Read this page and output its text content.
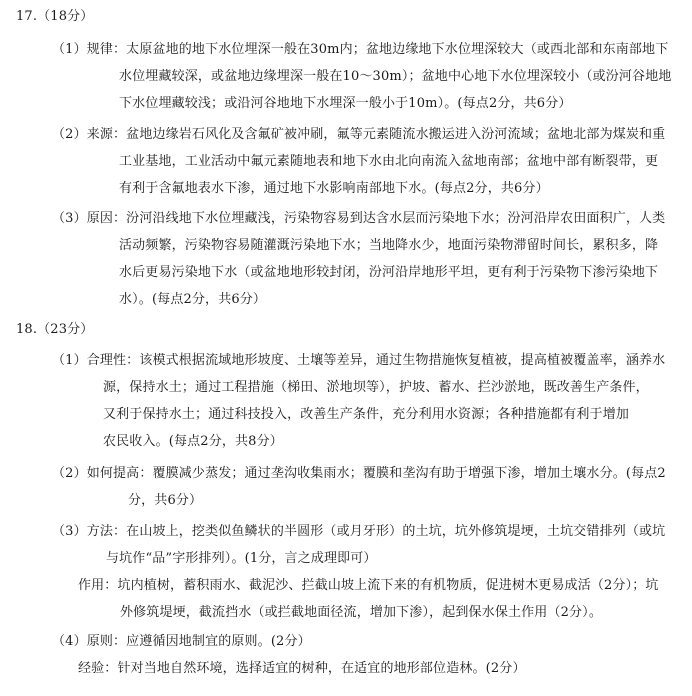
17.（18分）
（1）规律：太原盆地的地下水位埋深一般在30m内；盆地边缘地下水位埋深较大（或西北部和东南部地下
水位埋藏较深，或盆地边缘埋深一般在10～30m）；盆地中心地下水位埋深较小（或汾河谷地地
下水位埋藏较浅；或沿河谷地地下水埋深一般小于10m）。(每点2分，共6分）
（2）来源：盆地边缘岩石风化及含氟矿被冲刷，氟等元素随流水搬运进入汾河流域；盆地北部为煤炭和重
工业基地，工业活动中氟元素随地表和地下水由北向南流入盆地南部；盆地中部有断裂带，更
有利于含氟地表水下渗，通过地下水影响南部地下水。(每点2分，共6分）
（3）原因：汾河沿线地下水位埋藏浅，污染物容易到达含水层而污染地下水；汾河沿岸农田面积广，人类
活动频繁，污染物容易随灌溉污染地下水；当地降水少，地面污染物滞留时间长，累积多，降
水后更易污染地下水（或盆地地形较封闭，汾河沿岸地形平坦，更有利于污染物下渗污染地下
水）。(每点2分，共6分）
18.（23分）
（1）合理性：该模式根据流域地形坡度、土壤等差异，通过生物措施恢复植被，提高植被覆盖率，涵养水
源，保持水土；通过工程措施（梯田、淤地坝等），护坡、蓄水、拦沙淤地，既改善生产条件，
又利于保持水土；通过科技投入，改善生产条件，充分利用水资源；各种措施都有利于增加
农民收入。(每点2分，共8分）
（2）如何提高：覆膜减少蒸发；通过垄沟收集雨水；覆膜和垄沟有助于增强下渗，增加土壤水分。(每点2
分，共6分）
（3）方法：在山坡上，挖类似鱼鳞状的半圆形（或月牙形）的土坑，坑外修筑堤埂，土坑交错排列（或坑
与坑作“品”字形排列）。(1分，言之成理即可）
作用：坑内植树，蓄积雨水、截泥沙、拦截山坡上流下来的有机物质，促进树木更易成活（2分）；坑
外修筑堤埂，截流挡水（或拦截地面径流，增加下渗），起到保水保土作用（2分）。
（4）原则：应遵循因地制宜的原则。(2分）
经验：针对当地自然环境，选择适宜的树种，在适宜的地形部位造林。(2分）
